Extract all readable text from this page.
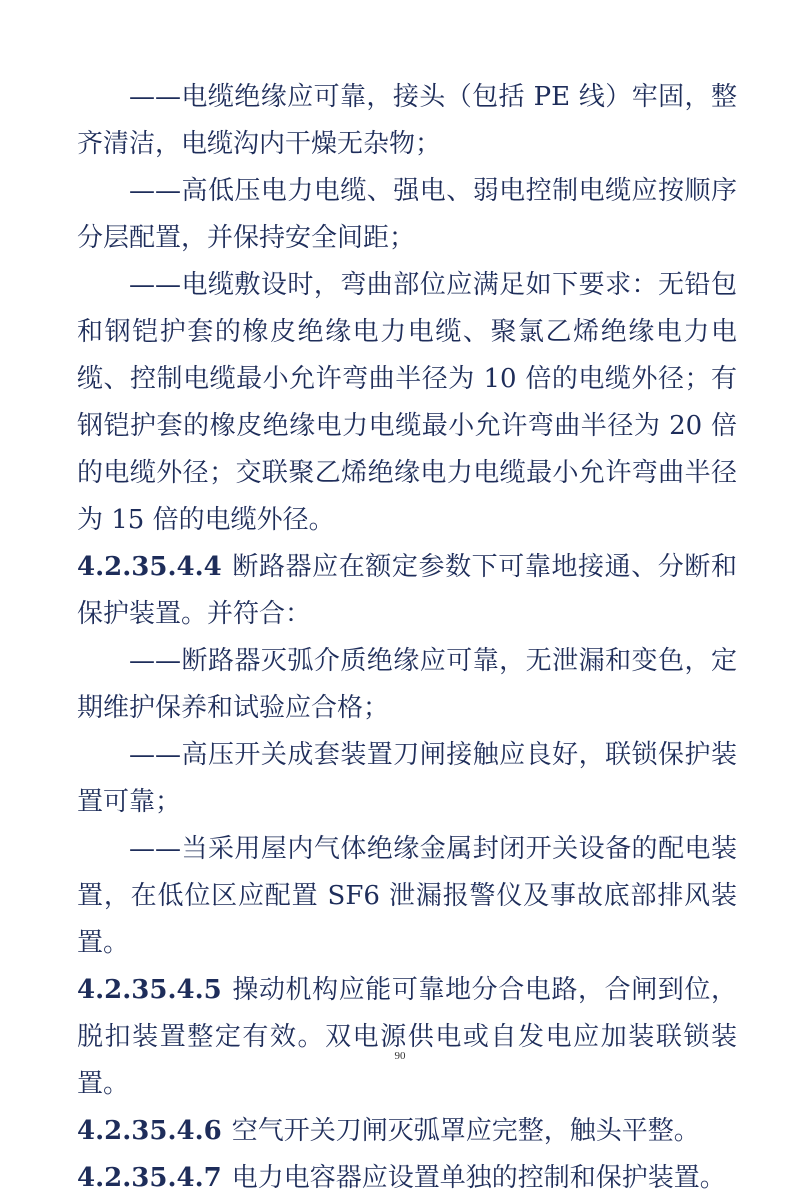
——电缆绝缘应可靠，接头（包括 PE 线）牢固，整齐清洁，电缆沟内干燥无杂物；

——高低压电力电缆、强电、弱电控制电缆应按顺序分层配置，并保持安全间距；

——电缆敷设时，弯曲部位应满足如下要求：无铅包和钢铠护套的橡皮绝缘电力电缆、聚氯乙烯绝缘电力电缆、控制电缆最小允许弯曲半径为 10 倍的电缆外径；有钢铠护套的橡皮绝缘电力电缆最小允许弯曲半径为 20 倍的电缆外径；交联聚乙烯绝缘电力电缆最小允许弯曲半径为 15 倍的电缆外径。

4.2.35.4.4 断路器应在额定参数下可靠地接通、分断和保护装置。并符合：

——断路器灭弧介质绝缘应可靠，无泄漏和变色，定期维护保养和试验应合格；

——高压开关成套装置刀闸接触应良好，联锁保护装置可靠；

——当采用屋内气体绝缘金属封闭开关设备的配电装置，在低位区应配置 SF6 泄漏报警仪及事故底部排风装置。

4.2.35.4.5 操动机构应能可靠地分合电路，合闸到位，脱扣装置整定有效。双电源供电或自发电应加装联锁装置。

4.2.35.4.6 空气开关刀闸灭弧罩应完整，触头平整。

4.2.35.4.7 电力电容器应设置单独的控制和保护装置。

90
